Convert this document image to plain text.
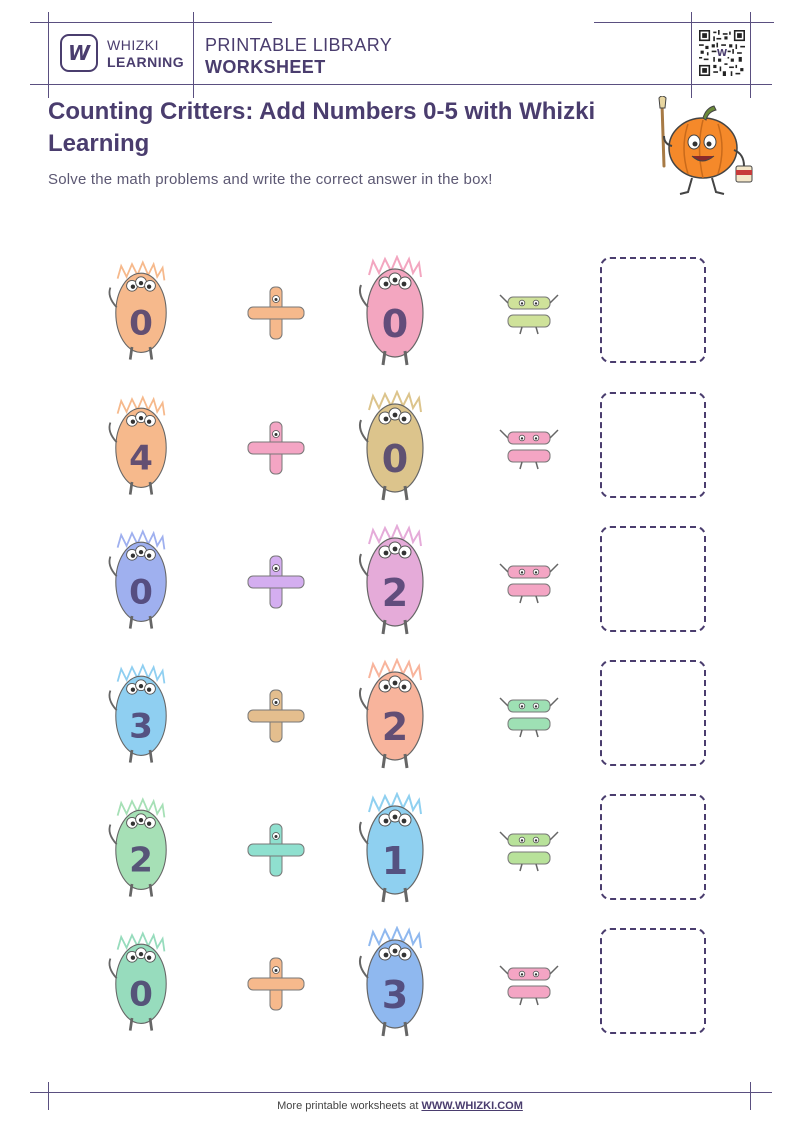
W WHIZKI
LEARNING
PRINTABLE LIBRARY
WORKSHEET
W
Counting Critters: Add Numbers 0-5 with Whizki Learning
Solve the math problems and write the correct answer in the box!
0	0	=
4	0	=
0	2	=
3	2	=
2	1	=
0	3	=
More printable worksheets at WWW.WHIZKI.COM
